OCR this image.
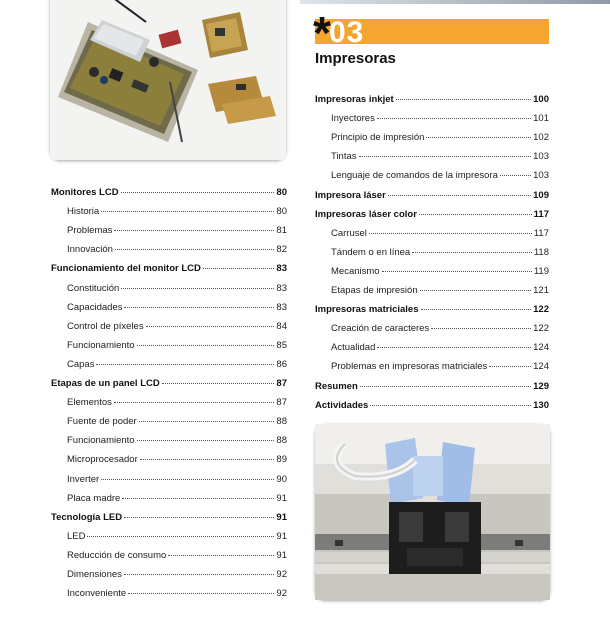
Monitores LCD	80
Historia	80
Problemas	81
Innovación	82
Funcionamiento del monitor LCD	83
Constitución	83
Capacidades	83
Control de píxeles	84
Funcionamiento	85
Capas	86
Etapas de un panel LCD	87
Elementos	87
Fuente de poder	88
Funcionamiento	88
Microprocesador	89
Inverter	90
Placa madre	91
Tecnología LED	91
LED	91
Reducción de consumo	91
Dimensiones	92
Inconveniente	92
*
03
Impresoras
Impresoras inkjet	100
Inyectores	101
Principio de impresión	102
Tintas	103
Lenguaje de comandos de la impresora	103
Impresora láser	109
Impresoras láser color	117
Carrusel	117
Tándem o en línea	118
Mecanismo	119
Etapas de impresión	121
Impresoras matriciales	122
Creación de caracteres	122
Actualidad	124
Problemas en impresoras matriciales	124
Resumen	129
Actividades	130
